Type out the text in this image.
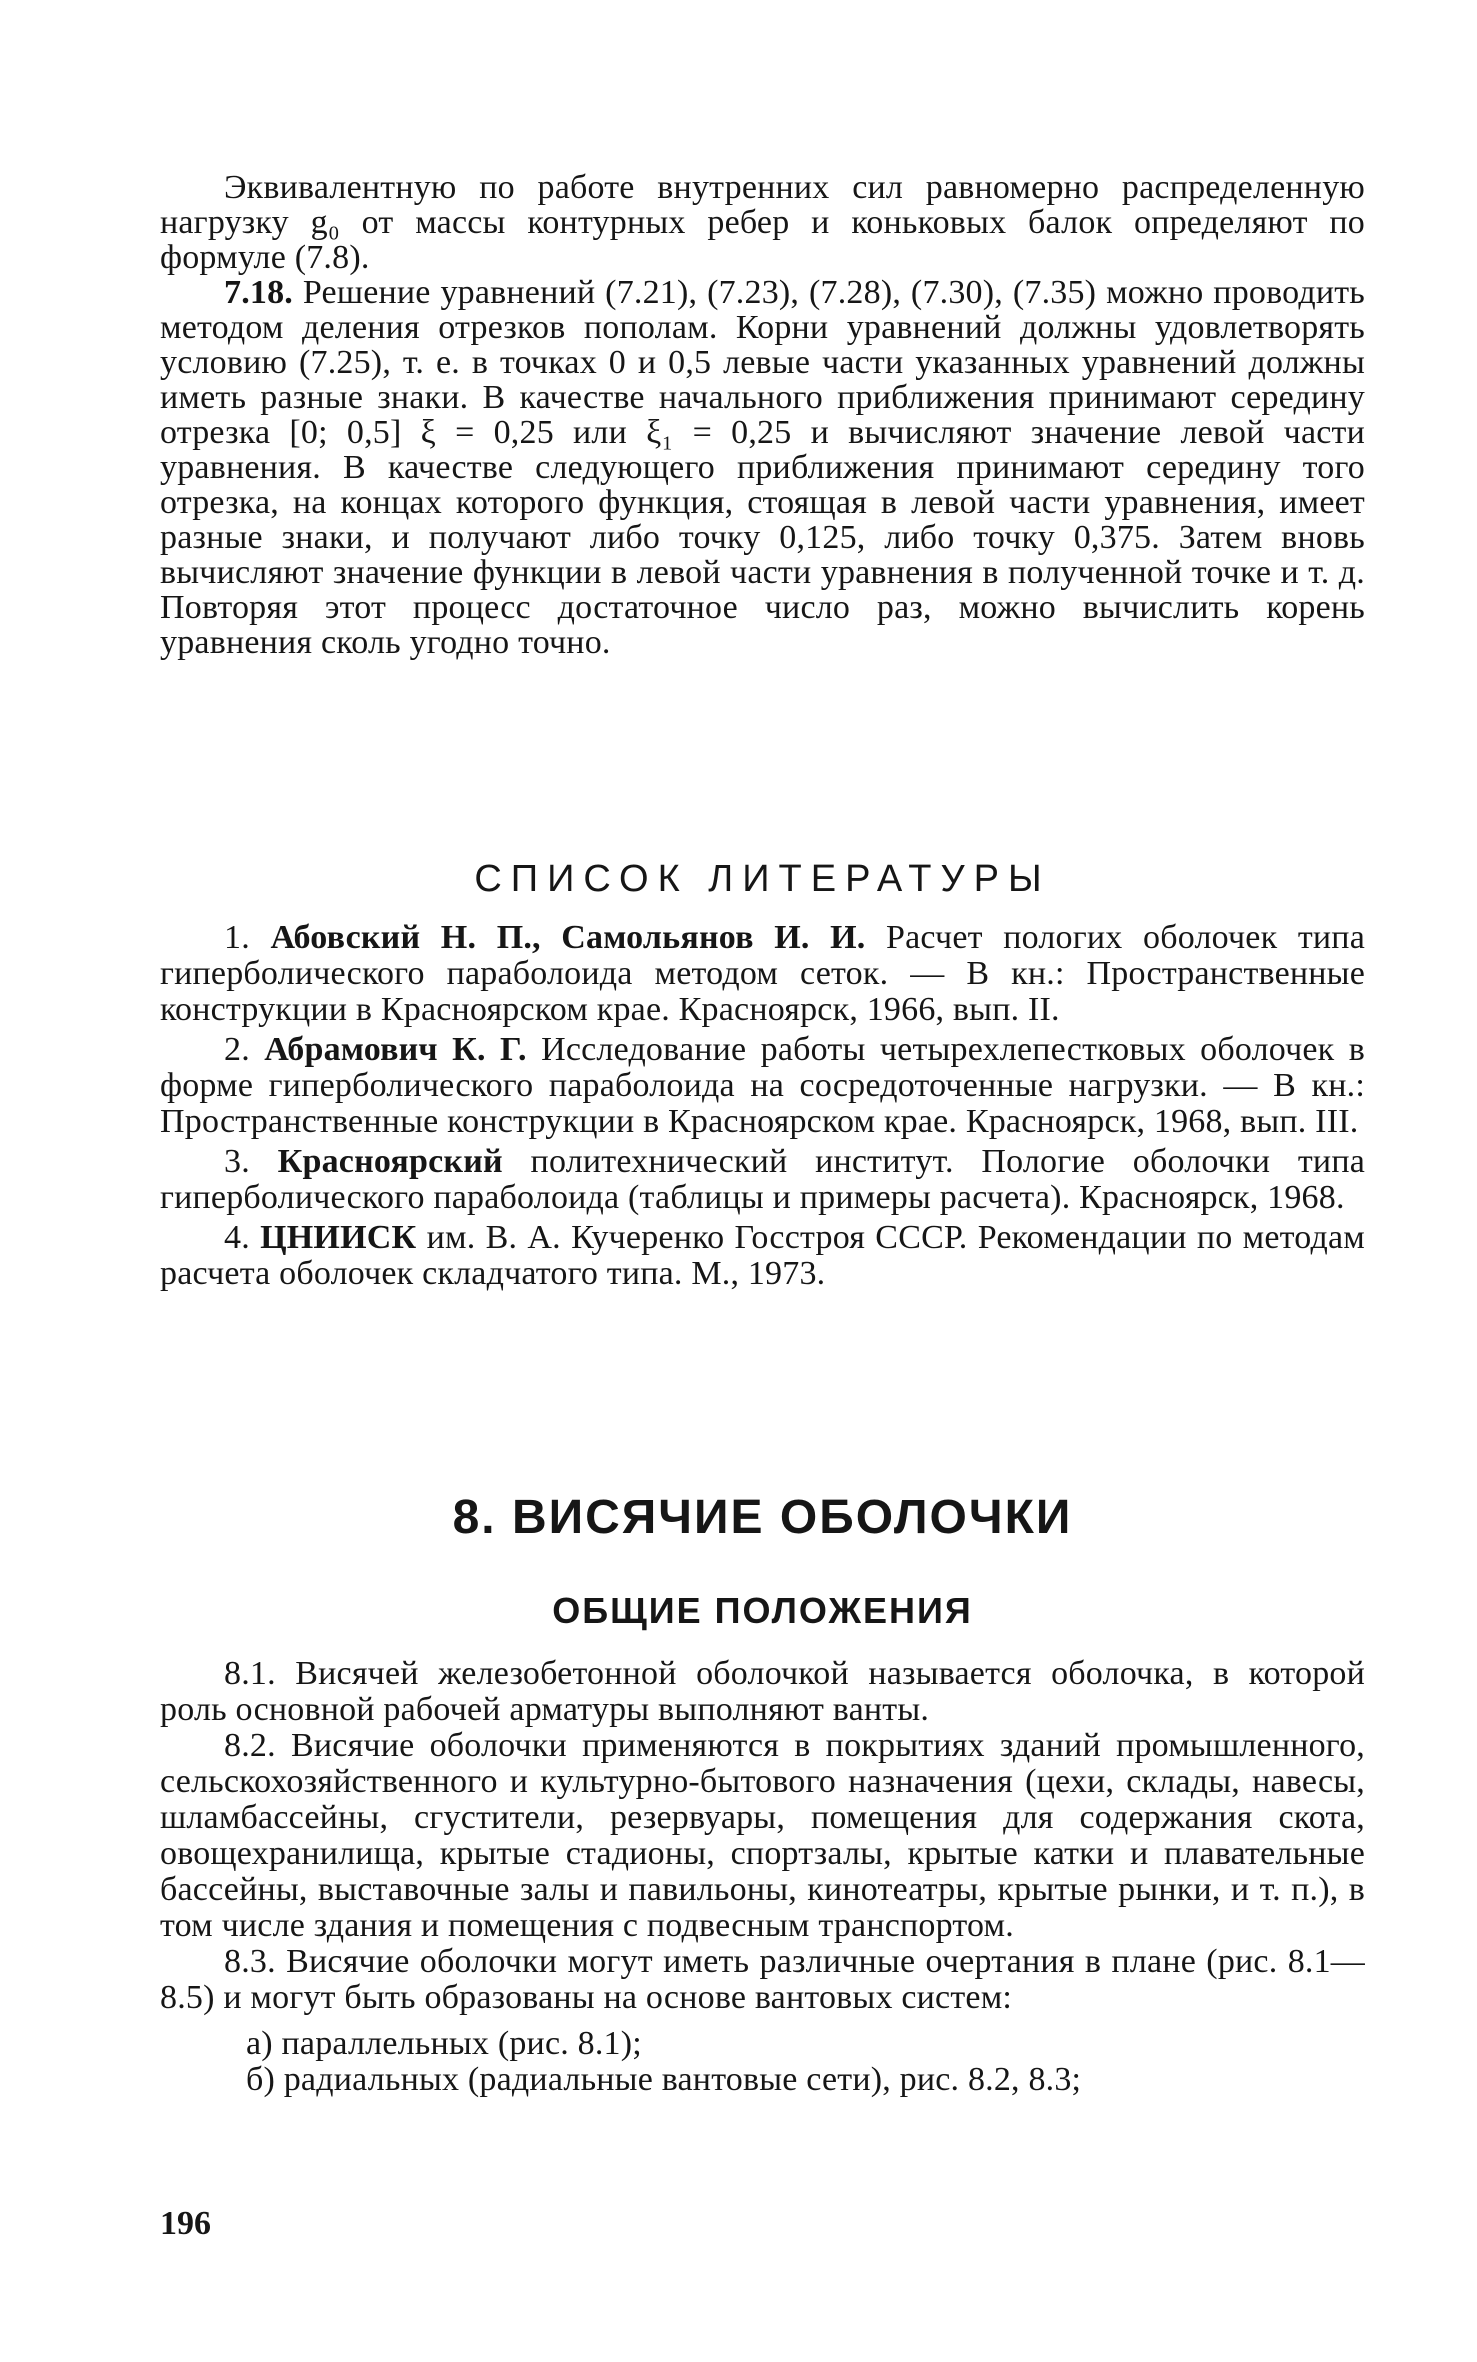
Эквивалентную по работе внутренних сил равномерно распределенную нагрузку g₀ от массы контурных ребер и коньковых балок определяют по формуле (7.8).

7.18. Решение уравнений (7.21), (7.23), (7.28), (7.30), (7.35) можно проводить методом деления отрезков пополам. Корни уравнений должны удовлетворять условию (7.25), т. е. в точках 0 и 0,5 левые части указанных уравнений должны иметь разные знаки. В качестве начального приближения принимают середину отрезка [0; 0,5] ξ = 0,25 или ξ₁ = 0,25 и вычисляют значение левой части уравнения. В качестве следующего приближения принимают середину того отрезка, на концах которого функция, стоящая в левой части уравнения, имеет разные знаки, и получают либо точку 0,125, либо точку 0,375. Затем вновь вычисляют значение функции в левой части уравнения в полученной точке и т. д. Повторяя этот процесс достаточное число раз, можно вычислить корень уравнения сколь угодно точно.

СПИСОК ЛИТЕРАТУРЫ

1. Абовский Н. П., Самольянов И. И. Расчет пологих оболочек типа гиперболического параболоида методом сеток. — В кн.: Пространственные конструкции в Красноярском крае. Красноярск, 1966, вып. II.

2. Абрамович К. Г. Исследование работы четырехлепестковых оболочек в форме гиперболического параболоида на сосредоточенные нагрузки. — В кн.: Пространственные конструкции в Красноярском крае. Красноярск, 1968, вып. III.

3. Красноярский политехнический институт. Пологие оболочки типа гиперболического параболоида (таблицы и примеры расчета). Красноярск, 1968.

4. ЦНИИСК им. В. А. Кучеренко Госстроя СССР. Рекомендации по методам расчета оболочек складчатого типа. М., 1973.

8. ВИСЯЧИЕ ОБОЛОЧКИ
ОБЩИЕ ПОЛОЖЕНИЯ

8.1. Висячей железобетонной оболочкой называется оболочка, в которой роль основной рабочей арматуры выполняют ванты.

8.2. Висячие оболочки применяются в покрытиях зданий промышленного, сельскохозяйственного и культурно-бытового назначения (цехи, склады, навесы, шламбассейны, сгустители, резервуары, помещения для содержания скота, овощехранилища, крытые стадионы, спортзалы, крытые катки и плавательные бассейны, выставочные залы и павильоны, кинотеатры, крытые рынки, и т. п.), в том числе здания и помещения с подвесным транспортом.

8.3. Висячие оболочки могут иметь различные очертания в плане (рис. 8.1—8.5) и могут быть образованы на основе вантовых систем:

а) параллельных (рис. 8.1);

б) радиальных (радиальные вантовые сети), рис. 8.2, 8.3;

196
